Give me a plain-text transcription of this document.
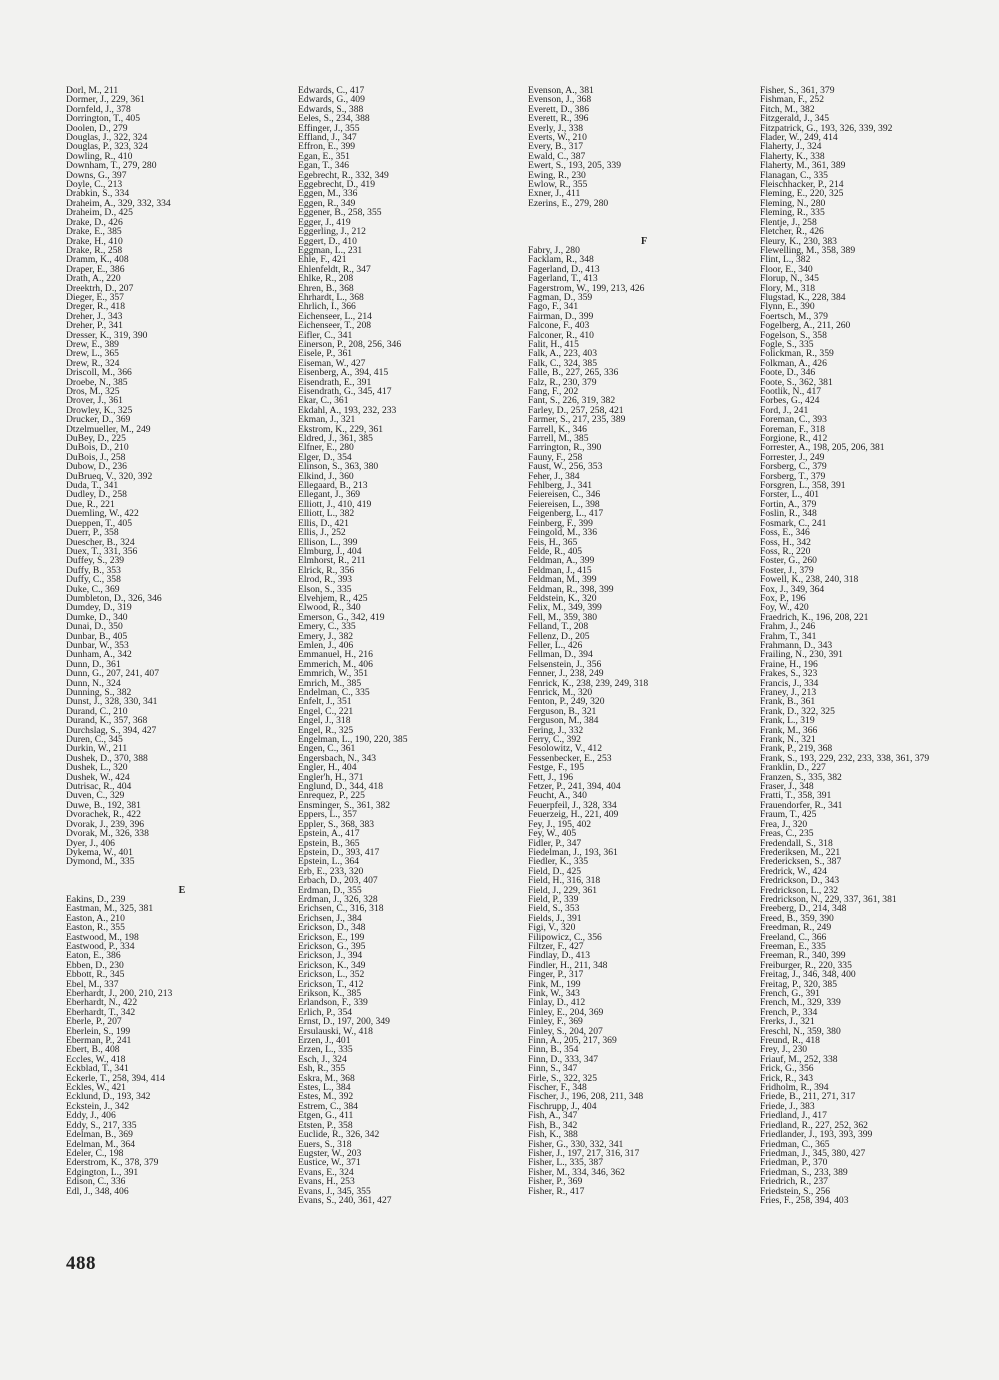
Dorl, M., 211
Dormer, J., 229, 361
Dornfeld, J., 378
Dorrington, T., 405
Doolen, D., 279
Douglas, J., 322, 324
Douglas, P., 323, 324
Dowling, R., 410
Downham, T., 279, 280
Downs, G., 397
Doyle, C., 213
Drabkin, S., 334
Draheim, A., 329, 332, 334
Draheim, D., 425
Drake, D., 426
Drake, E., 385
Drake, H., 410
Drake, R., 258
Dramm, K., 408
Draper, E., 386
Drath, A., 220
Dreektrh, D., 207
Dieger, E., 357
Dreger, R., 418
Dreher, J., 343
Dreher, P., 341
Dresser, K., 319, 390
Drew, E., 389
Drew, L., 365
Drew, R., 324
Driscoll, M., 366
Droebe, N., 385
Dros, M., 325
Drover, J., 361
Drowley, K., 325
Drucker, D., 369
Dtzelmueller, M., 249
DuBey, D., 225
DuBois, D., 210
DuBois, J., 258
Dubow, D., 236
DuBrueq, V., 320, 392
Duda, T., 341
Dudley, D., 258
Due, R., 221
Duemling, W., 422
Dueppen, T., 405
Duerr, P., 358
Duescher, B., 324
Duex, T., 331, 356
Duffey, S., 239
Duffy, B., 353
Duffy, C., 358
Duke, C., 369
Dumbleton, D., 326, 346
Dumdey, D., 319
Dumke, D., 340
Dunai, D., 350
Dunbar, B., 405
Dunbar, W., 353
Dunham, A., 342
Dunn, D., 361
Dunn, G., 207, 241, 407
Dunn, N., 324
Dunning, S., 382
Dunst, J., 328, 330, 341
Durand, C., 210
Durand, K., 357, 368
Durchslag, S., 394, 427
Duren, C., 345
Durkin, W., 211
Dushek, D., 370, 388
Dushek, L., 320
Dushek, W., 424
Dutrisac, R., 404
Duven, C., 329
Duwe, B., 192, 381
Dvorachek, R., 422
Dvorak, J., 239, 396
Dvorak, M., 326, 338
Dyer, J., 406
Dykema, W., 401
Dymond, M., 335
E
Eakins, D., 239
Eastman, M., 325, 381
Easton, A., 210
Easton, R., 355
Eastwood, M., 198
Eastwood, P., 334
Eaton, E., 386
Ebben, D., 230
Ebbott, R., 345
Ebel, M., 337
Eberhardt, J., 200, 210, 213
Eberhardt, N., 422
Eberhardt, T., 342
Eberle, P., 207
Eberlein, S., 199
Eberman, P., 241
Ebert, B., 408
Eccles, W., 418
Eckblad, T., 341
Eckerle, T., 258, 394, 414
Eckles, W., 421
Ecklund, D., 193, 342
Eckstein, J., 342
Eddy, J., 406
Eddy, S., 217, 335
Edelman, B., 369
Edelman, M., 364
Edeler, C., 198
Ederstrom, K., 378, 379
Edgington, L., 391
Edison, C., 336
Edl, J., 348, 406
Edwards, C., 417
Edwards, G., 409
Edwards, S., 388
Eeles, S., 234, 388
Effinger, J., 355
Effland, J., 347
Effron, E., 399
Egan, E., 351
Egan, T., 346
Egebrecht, R., 332, 349
Eggebrecht, D., 419
Eggen, M., 336
Eggen, R., 349
Eggener, B., 258, 355
Egger, J., 419
Eggerling, J., 212
Eggert, D., 410
Eggman, L., 231
Ehle, F., 421
Ehlenfeldt, R., 347
Ehlke, R., 208
Ehren, B., 368
Ehrhardt, L., 368
Ehrlich, I., 366
Eichenseer, L., 214
Eichenseer, T., 208
Eifler, C., 341
Einerson, P., 208, 256, 346
Eisele, P., 361
Eiseman, W., 427
Eisenberg, A., 394, 415
Eisendrath, E., 391
Eisendrath, G., 345, 417
Ekar, C., 361
Ekdahl, A., 193, 232, 233
Ekman, J., 321
Ekstrom, K., 229, 361
Eldred, J., 361, 385
Elfner, E., 280
Elger, D., 354
Elinson, S., 363, 380
Elkind, J., 360
Ellegaard, B., 213
Ellegant, J., 369
Elliott, J., 410, 419
Elliott, L., 382
Ellis, D., 421
Ellis, J., 252
Ellison, L., 399
Elmburg, J., 404
Elmhorst, R., 211
Elrick, R., 356
Elrod, R., 393
Elson, S., 335
Elvehjem, R., 425
Elwood, R., 340
Emerson, G., 342, 419
Emery, C., 335
Emery, J., 382
Emlen, J., 406
Emmanuel, H., 216
Emmerich, M., 406
Emmrich, W., 351
Emrich, M., 385
Endelman, C., 335
Enfelt, J., 351
Engel, C., 221
Engel, J., 318
Engel, R., 325
Engelman, L., 190, 220, 385
Engen, C., 361
Engersbach, N., 343
Engler, H., 404
Engler'h, H., 371
Englund, D., 344, 418
Enrequez, P., 225
Ensminger, S., 361, 382
Eppers, L., 357
Eppler, S., 368, 383
Epstein, A., 417
Epstein, B., 365
Epstein, D., 393, 417
Epstein, L., 364
Erb, E., 233, 320
Erbach, D., 203, 407
Erdman, D., 355
Erdman, J., 326, 328
Erichsen, C., 316, 318
Erichsen, J., 384
Erickson, D., 348
Erickson, E., 199
Erickson, G., 395
Erickson, J., 394
Erickson, K., 349
Erickson, L., 352
Erickson, T., 412
Erikson, K., 385
Erlandson, F., 339
Erlich, P., 354
Ernst, D., 197, 200, 349
Ersulauski, W., 418
Erzen, J., 401
Erzen, L., 335
Esch, J., 324
Esh, R., 355
Eskra, M., 368
Estes, L., 384
Estes, M., 392
Estrem, C., 384
Etgen, G., 411
Etsten, P., 358
Euclide, R., 326, 342
Euers, S., 318
Eugster, W., 203
Eustice, W., 371
Evans, E., 324
Evans, H., 253
Evans, J., 345, 355
Evans, S., 240, 361, 427
Evenson, A., 381
Evenson, J., 368
Everett, D., 386
Everett, R., 396
Everly, J., 338
Everts, W., 210
Every, B., 317
Ewald, C., 387
Ewert, S., 193, 205, 339
Ewing, R., 230
Ewlow, R., 355
Exner, J., 411
Ezerins, E., 279, 280
F
Fabry, J., 280
Facklam, R., 348
Fagerland, D., 413
Fagerland, T., 413
Fagerstrom, W., 199, 213, 426
Fagman, D., 359
Fago, F., 341
Fairman, D., 399
Falcone, F., 403
Falconer, R., 410
Falit, H., 415
Falk, A., 223, 403
Falk, C., 324, 385
Falle, B., 227, 265, 336
Falz, R., 230, 379
Fang, F., 202
Fant, S., 226, 319, 382
Farley, D., 257, 258, 421
Farmer, S., 217, 235, 389
Farrell, K., 346
Farrell, M., 385
Farrington, R., 390
Fauny, F., 258
Faust, W., 256, 353
Feher, J., 384
Fehlberg, J., 341
Feiereisen, C., 346
Feiereisen, L., 398
Feigenberg, L., 417
Feinberg, F., 399
Feingold, M., 336
Feis, H., 365
Felde, R., 405
Feldman, A., 399
Feldman, J., 415
Feldman, M., 399
Feldman, R., 398, 399
Feldstein, K., 320
Felix, M., 349, 399
Fell, M., 359, 380
Felland, T., 208
Fellenz, D., 205
Feller, L., 426
Fellman, D., 394
Felsenstein, J., 356
Fenner, J., 238, 249
Fenrick, K., 238, 239, 249, 318
Fenrick, M., 320
Fenton, P., 249, 320
Ferguson, B., 321
Ferguson, M., 384
Fering, J., 332
Ferry, C., 392
Fesolowitz, V., 412
Fessenbecker, E., 253
Festge, F., 195
Fett, J., 196
Fetzer, P., 241, 394, 404
Feucht, A., 340
Feuerpfeil, J., 328, 334
Feuerzeig, H., 221, 409
Fey, J., 195, 402
Fey, W., 405
Fidler, P., 347
Fiedelman, J., 193, 361
Fiedler, K., 335
Field, D., 425
Field, H., 316, 318
Field, J., 229, 361
Field, P., 339
Field, S., 353
Fields, J., 391
Figi, V., 320
Filipowicz, C., 356
Filtzer, F., 427
Findlay, D., 413
Findler, H., 211, 348
Finger, P., 317
Fink, M., 199
Fink, W., 343
Finlay, D., 412
Finley, E., 204, 369
Finley, F., 369
Finley, S., 204, 207
Finn, A., 205, 217, 369
Finn, B., 354
Finn, D., 333, 347
Finn, S., 347
Firle, S., 322, 325
Fischer, F., 348
Fischer, J., 196, 208, 211, 348
Fischrupp, J., 404
Fish, A., 347
Fish, B., 342
Fish, K., 388
Fisher, G., 330, 332, 341
Fisher, J., 197, 217, 316, 317
Fisher, L., 335, 387
Fisher, M., 334, 346, 362
Fisher, P., 369
Fisher, R., 417
Fisher, S., 361, 379
Fishman, F., 252
Fitch, M., 382
Fitzgerald, J., 345
Fitzpatrick, G., 193, 326, 339, 392
Flader, W., 249, 414
Flaherty, J., 324
Flaherty, K., 338
Flaherty, M., 361, 389
Flanagan, C., 335
Fleischhacker, P., 214
Fleming, E., 220, 325
Fleming, N., 280
Fleming, R., 335
Flentje, J., 258
Fletcher, R., 426
Fleury, K., 230, 383
Flewelling, M., 358, 389
Flint, L., 382
Floor, E., 340
Florup, N., 345
Flory, M., 318
Flugstad, K., 228, 384
Flynn, E., 390
Foertsch, M., 379
Fogelberg, A., 211, 260
Fogelson, S., 358
Fogle, S., 335
Folickman, R., 359
Folkman, A., 426
Foote, D., 346
Foote, S., 362, 381
Footlik, N., 417
Forbes, G., 424
Ford, J., 241
Foreman, C., 393
Foreman, F., 318
Forgione, R., 412
Forrester, A., 198, 205, 206, 381
Forrester, J., 249
Forsberg, C., 379
Forsberg, T., 379
Forsgren, L., 358, 391
Forster, L., 401
Fortin, A., 379
Foslin, R., 348
Fosmark, C., 241
Foss, E., 346
Foss, H., 342
Foss, R., 220
Foster, G., 260
Foster, J., 379
Fowell, K., 238, 240, 318
Fox, J., 349, 364
Fox, P., 196
Foy, W., 420
Fraedrich, K., 196, 208, 221
Frahm, J., 246
Frahm, T., 341
Frahmann, D., 343
Frailing, N., 230, 391
Fraine, H., 196
Frakes, S., 323
Francis, J., 334
Franey, J., 213
Frank, B., 361
Frank, D., 322, 325
Frank, L., 319
Frank, M., 366
Frank, N., 321
Frank, P., 219, 368
Frank, S., 193, 229, 232, 233, 338, 361, 379
Franklin, D., 227
Franzen, S., 335, 382
Fraser, J., 348
Fratti, T., 358, 391
Frauendorfer, R., 341
Fraum, T., 425
Frea, J., 320
Freas, C., 235
Fredendall, S., 318
Frederiksen, M., 221
Fredericksen, S., 387
Fredrick, W., 424
Fredrickson, D., 343
Fredrickson, L., 232
Fredrickson, N., 229, 337, 361, 381
Freeberg, D., 214, 348
Freed, B., 359, 390
Freedman, R., 249
Freeland, C., 366
Freeman, E., 335
Freeman, R., 340, 399
Freiburger, R., 220, 335
Freitag, J., 346, 348, 400
Freitag, P., 320, 385
French, G., 391
French, M., 329, 339
French, P., 334
Frerks, J., 321
Freschl, N., 359, 380
Freund, R., 418
Frey, J., 230
Friauf, M., 252, 338
Frick, G., 356
Frick, R., 343
Fridholm, R., 394
Friede, B., 211, 271, 317
Friede, J., 383
Friedland, J., 417
Friedland, R., 227, 252, 362
Friedlander, J., 193, 393, 399
Friedman, C., 365
Friedman, J., 345, 380, 427
Friedman, P., 370
Friedman, S., 233, 389
Friedrich, R., 237
Friedstein, S., 256
Fries, F., 258, 394, 403
488
